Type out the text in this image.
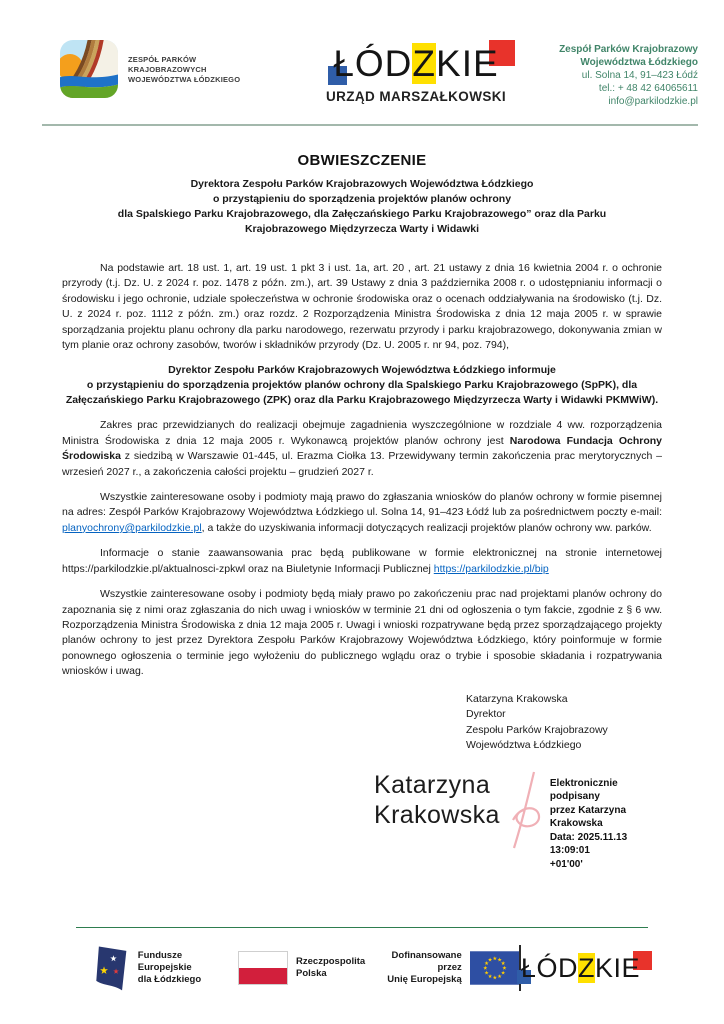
ZESPÓŁ PARKÓW
KRAJOBRAZOWYCH
WOJEWÓDZTWA ŁÓDZKIEGO	ŁÓDZKIE
URZĄD MARSZAŁKOWSKI
Zespół Parków Krajobrazowy
Województwa Łódzkiego
ul. Solna 14, 91–423 Łódź
tel.: + 48 42 64065611
info@parkilodzkie.pl
OBWIESZCZENIE
Dyrektora Zespołu Parków Krajobrazowych Województwa Łódzkiego
o przystąpieniu do sporządzenia projektów planów ochrony
dla Spalskiego Parku Krajobrazowego, dla Załęczańskiego Parku Krajobrazowego” oraz dla Parku
Krajobrazowego Międzyrzecza Warty i Widawki

Na podstawie art. 18 ust. 1, art. 19 ust. 1 pkt 3 i ust. 1a, art. 20 , art. 21 ustawy z dnia 16 kwietnia 2004 r. o ochronie przyrody (t.j. Dz. U. z 2024 r. poz. 1478 z późn. zm.), art. 39 Ustawy z dnia 3 października 2008 r. o udostępnianiu informacji o środowisku i jego ochronie, udziale społeczeństwa w ochronie środowiska oraz o ocenach oddziaływania na środowisko (t.j. Dz. U. z 2024 r. poz. 1112 z późn. zm.) oraz rozdz. 2 Rozporządzenia Ministra Środowiska z dnia 12 maja 2005 r. w sprawie sporządzania projektu planu ochrony dla parku narodowego, rezerwatu przyrody i parku krajobrazowego, dokonywania zmian w tym planie oraz ochrony zasobów, tworów i składników przyrody (Dz. U. 2005 r. nr 94, poz. 794),

Dyrektor Zespołu Parków Krajobrazowych Województwa Łódzkiego informuje
o przystąpieniu do sporządzenia projektów planów ochrony dla Spalskiego Parku Krajobrazowego (SpPK), dla
Załęczańskiego Parku Krajobrazowego (ZPK) oraz dla Parku Krajobrazowego Międzyrzecza Warty i Widawki PKMWiW).

Zakres prac przewidzianych do realizacji obejmuje zagadnienia wyszczególnione w rozdziale 4 ww. rozporządzenia Ministra Środowiska z dnia 12 maja 2005 r. Wykonawcą projektów planów ochrony jest Narodowa Fundacja Ochrony Środowiska z siedzibą w Warszawie 01-445, ul. Erazma Ciołka 13. Przewidywany termin zakończenia prac merytorycznych – wrzesień 2027 r., a zakończenia całości projektu – grudzień 2027 r.

Wszystkie zainteresowane osoby i podmioty mają prawo do zgłaszania wniosków do planów ochrony w formie pisemnej na adres: Zespół Parków Krajobrazowy Województwa Łódzkiego ul. Solna 14, 91–423 Łódź lub za pośrednictwem poczty e-mail: planyochrony@parkilodzkie.pl, a także do uzyskiwania informacji dotyczących realizacji projektów planów ochrony ww. parków.

Informacje o stanie zaawansowania prac będą publikowane w formie elektronicznej na stronie internetowej https://parkilodzkie.pl/aktualnosci-zpkwl oraz na Biuletynie Informacji Publicznej https://parkilodzkie.pl/bip

Wszystkie zainteresowane osoby i podmioty będą miały prawo po zakończeniu prac nad projektami planów ochrony do zapoznania się z nimi oraz zgłaszania do nich uwag i wniosków w terminie 21 dni od ogłoszenia o tym fakcie, zgodnie z § 6 ww. Rozporządzenia Ministra Środowiska z dnia 12 maja 2005 r. Uwagi i wnioski rozpatrywane będą przez sporządzającego projekty planów ochrony to jest przez Dyrektora Zespołu Parków Krajobrazowy Województwa Łódzkiego, który poinformuje w formie ponownego ogłoszenia o terminie jego wyłożeniu do publicznego wglądu oraz o trybie i sposobie składania i rozpatrywania wniosków i uwag.

Katarzyna Krakowska
Dyrektor
Zespołu Parków Krajobrazowy
Województwa Łódzkiego
Katarzyna
Krakowska
Elektronicznie podpisany
przez Katarzyna Krakowska
Data: 2025.11.13 13:09:01
+01'00'
Fundusze Europejskie
dla Łódzkiego
Rzeczpospolita
Polska
Dofinansowane przez
Unię Europejską ŁÓDZKIE
